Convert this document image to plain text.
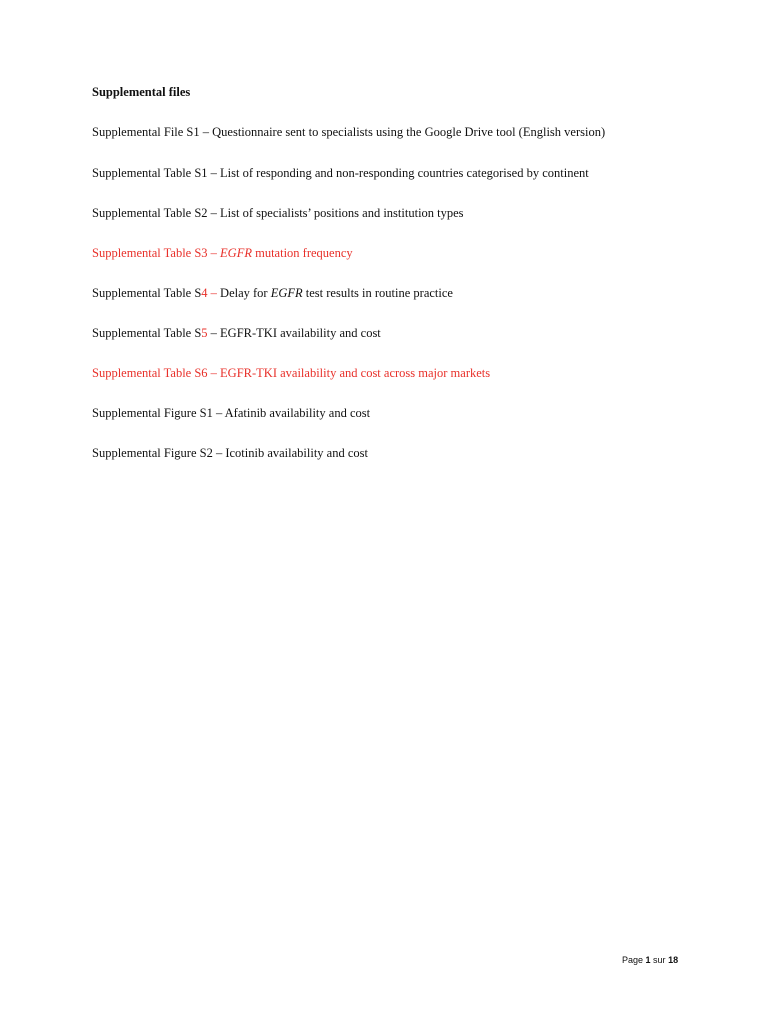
Supplemental files
Supplemental File S1 – Questionnaire sent to specialists using the Google Drive tool (English version)
Supplemental Table S1 – List of responding and non-responding countries categorised by continent
Supplemental Table S2 – List of specialists’ positions and institution types
Supplemental Table S3 – EGFR mutation frequency
Supplemental Table S4 – Delay for EGFR test results in routine practice
Supplemental Table S5 – EGFR-TKI availability and cost
Supplemental Table S6 – EGFR-TKI availability and cost across major markets
Supplemental Figure S1 – Afatinib availability and cost
Supplemental Figure S2 – Icotinib availability and cost
Page 1 sur 18
